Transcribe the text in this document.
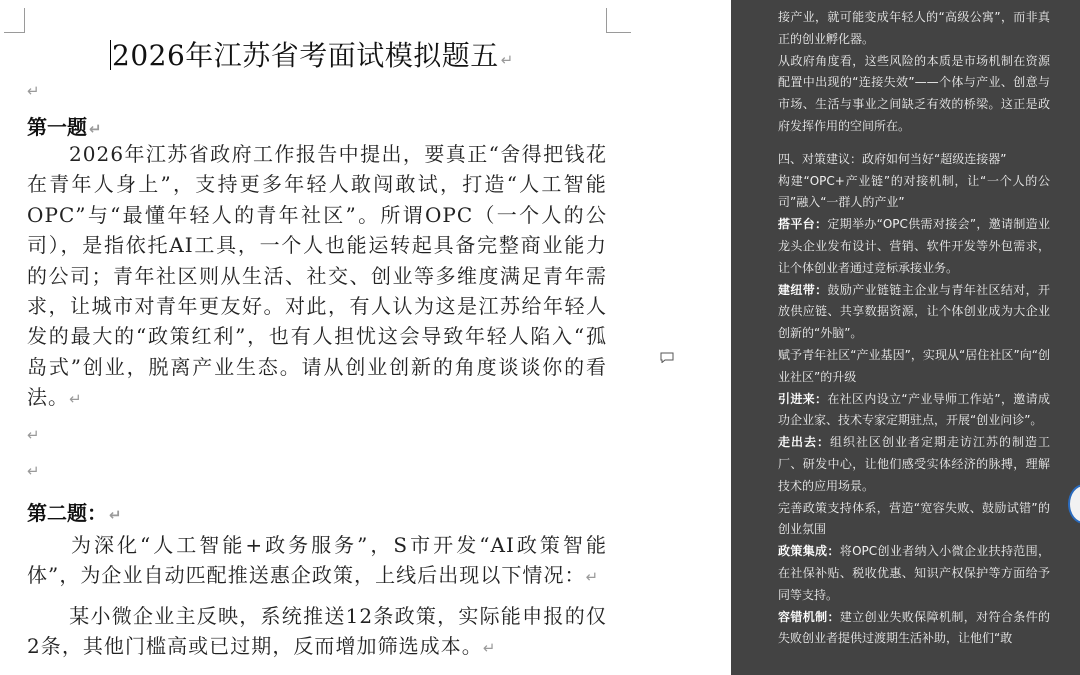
2026年江苏省考面试模拟题五 ↵
↵
第一题 ↵
2026年江苏省政府工作报告中提出，要真正“舍得把钱花在青年人身上”，支持更多年轻人敢闯敢试，打造“人工智能OPC”与“最懂年轻人的青年社区”。所谓OPC（一个人的公司），是指依托AI工具，一个人也能运转起具备完整商业能力的公司；青年社区则从生活、社交、创业等多维度满足青年需求，让城市对青年更友好。对此，有人认为这是江苏给年轻人发的最大的“政策红利”，也有人担忧这会导致年轻人陷入“孤岛式”创业，脱离产业生态。请从创业创新的角度谈谈你的看法。↵
↵
↵
第二题： ↵
为深化“人工智能+政务服务”，S市开发“AI政策智能体”，为企业自动匹配推送惠企政策，上线后出现以下情况：↵
某小微企业主反映，系统推送12条政策，实际能申报的仅2条，其他门槛高或已过期，反而增加筛选成本。↵

接产业，就可能变成年轻人的“高级公寓”，而非真正的创业孵化器。

从政府角度看，这些风险的本质是市场机制在资源配置中出现的“连接失效”——个体与产业、创意与市场、生活与事业之间缺乏有效的桥梁。这正是政府发挥作用的空间所在。

四、对策建议：政府如何当好“超级连接器”

构建“OPC+产业链”的对接机制，让“一个人的公司”融入“一群人的产业”

搭平台：定期举办“OPC供需对接会”，邀请制造业龙头企业发布设计、营销、软件开发等外包需求，让个体创业者通过竞标承接业务。

建纽带：鼓励产业链链主企业与青年社区结对，开放供应链、共享数据资源，让个体创业成为大企业创新的“外脑”。

赋予青年社区“产业基因”，实现从“居住社区”向“创业社区”的升级

引进来：在社区内设立“产业导师工作站”，邀请成功企业家、技术专家定期驻点，开展“创业问诊”。

走出去：组织社区创业者定期走访江苏的制造工厂、研发中心，让他们感受实体经济的脉搏，理解技术的应用场景。

完善政策支持体系，营造“宽容失败、鼓励试错”的创业氛围

政策集成：将OPC创业者纳入小微企业扶持范围，在社保补贴、税收优惠、知识产权保护等方面给予同等支持。

容错机制：建立创业失败保障机制，对符合条件的失败创业者提供过渡期生活补助，让他们“敢
